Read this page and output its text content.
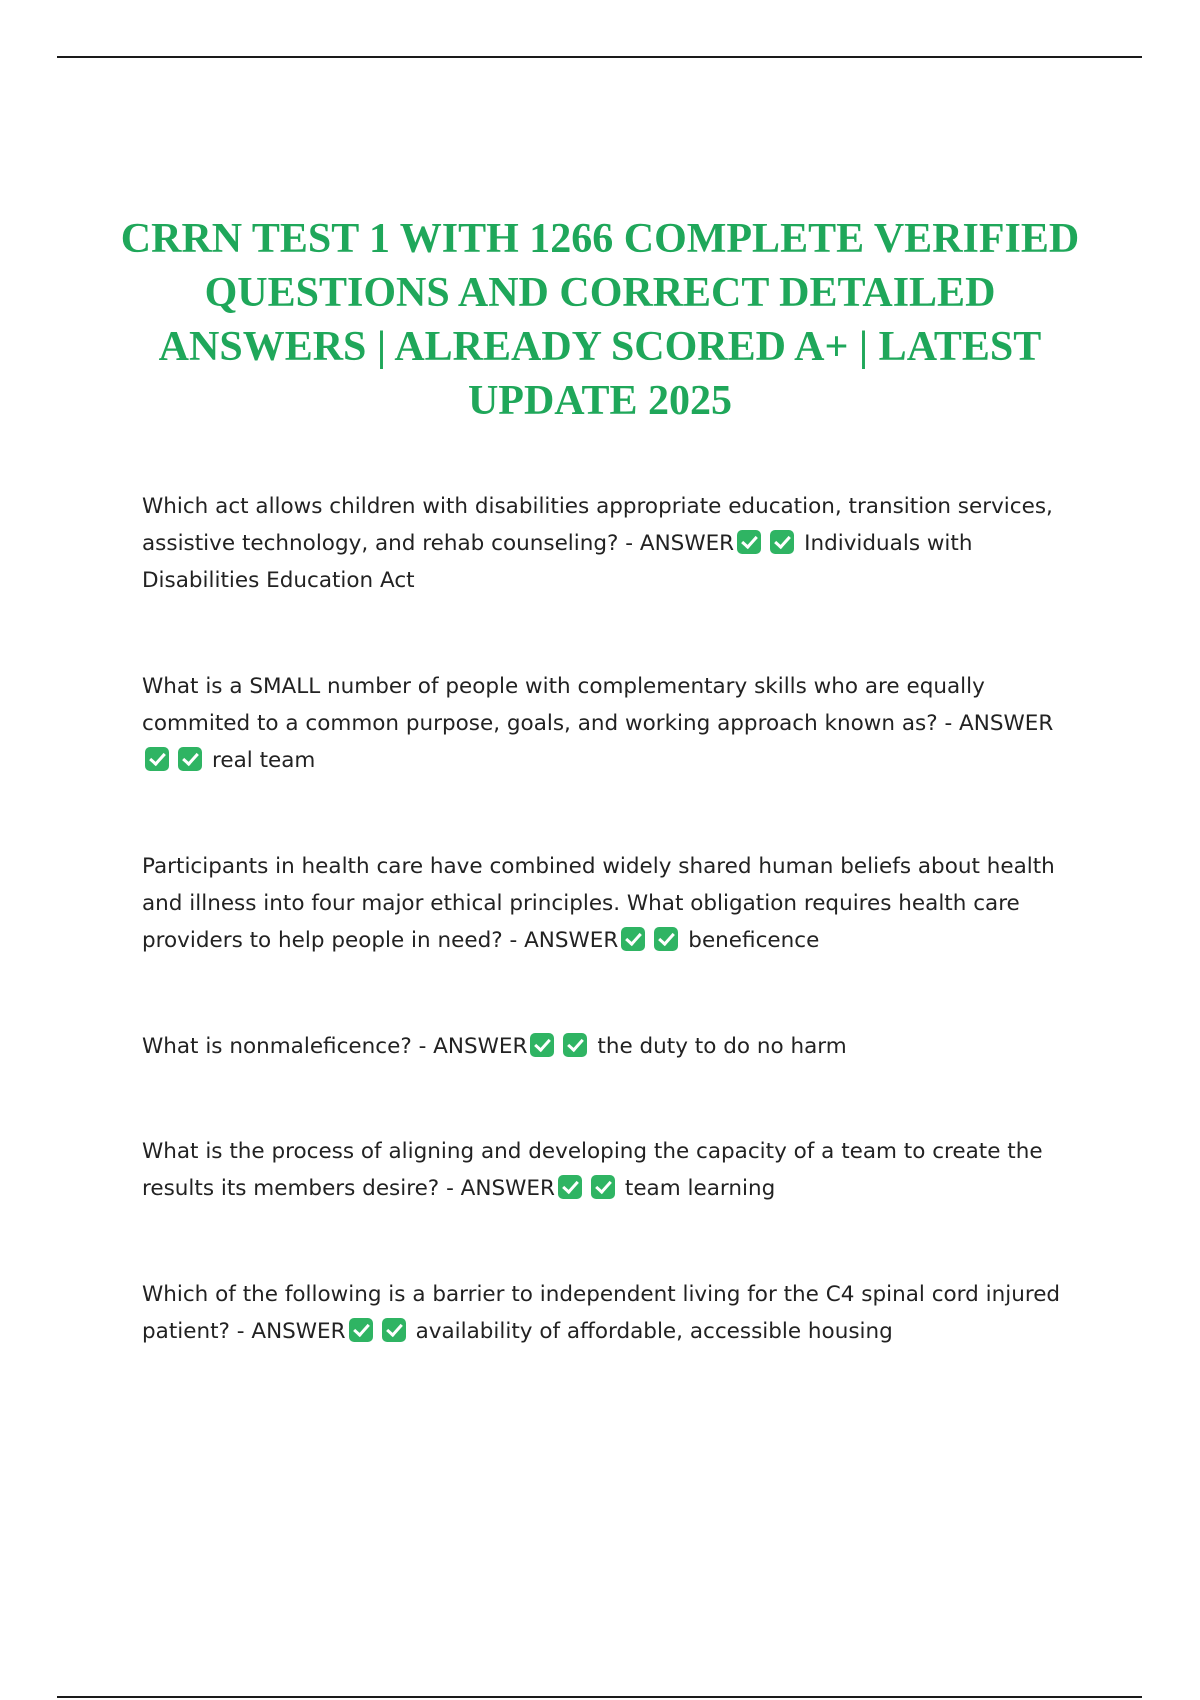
CRRN TEST 1 WITH 1266 COMPLETE VERIFIED QUESTIONS AND CORRECT DETAILED ANSWERS | ALREADY SCORED A+ | LATEST UPDATE 2025
Which act allows children with disabilities appropriate education, transition services, assistive technology, and rehab counseling? - ANSWER	Individuals with Disabilities Education Act
What is a SMALL number of people with complementary skills who are equally commited to a common purpose, goals, and working approach known as? - ANSWERreal team
Participants in health care have combined widely shared human beliefs about health and illness into four major ethical principles. What obligation requires health care providers to help people in need? - ANSWER	beneficence
What is nonmaleficence? - ANSWER	the duty to do no harm
What is the process of aligning and developing the capacity of a team to create the results its members desire? - ANSWER	team learning
Which of the following is a barrier to independent living for the C4 spinal cord injured patient? - ANSWER	availability of affordable, accessible housing
